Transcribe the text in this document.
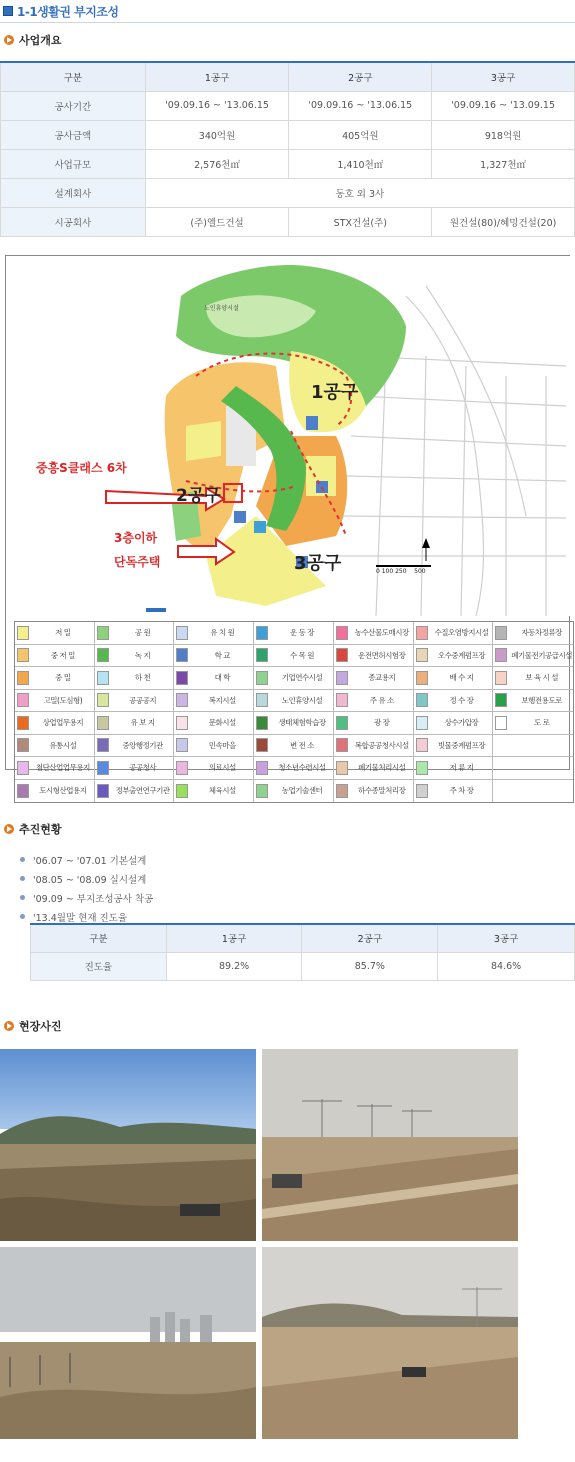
1-1생활권 부지조성
사업개요
구분	1공구	2공구	3공구
공사기간	'09.09.16 ~ '13.06.15	'09.09.16 ~ '13.06.15	'09.09.16 ~ '13.09.15
공사금액	340억원	405억원	918억원
사업규모	2,576천㎡	1,410천㎡	1,327천㎡
설계회사	동호 외 3사		
시공회사	(주)엘드건설	STX건설(주)	원건설(80)/혜밍건설(20)
1공구
2공구
3공구
중흥S클래스 6차
3층이하
단독주택
노인휴양시설
0 100 250    500
저 밀	공 원	유 치 원	운 동 장	농수산물도매시장	수질오염방지시설	자동차정류장
중 저 밀	녹 지	학 교	수 목 원	운전면허시험장	오수중계펌프장	폐기물전기공급시설
중 밀	하 천	대 학	기업연수시설	종교용지	배 수 지	보 육 시 설
고밀(도심형)	공공공지	복지시설	노인휴양시설	주 유 소	정 수 장	보행전용도로
상업업무용지	유 보 지	문화시설	생태체험학습장	광 장	상수가압장	도 로
유통시설	중앙행정기관	민속마을	변 전 소	복합공공청사시설	빗물중계펌프장
첨단산업업무용지	공공청사	의료시설	청소년수련시설	폐기물처리시설	저 류 지
도시형산업용지	정부출연연구기관	체육시설	농업기술센터	하수종말처리장	주 차 장
추진현황
'06.07 ~ '07.01 기본설계
'08.05 ~ '08.09 실시설계
'09.09 ~ 부지조성공사 착공
'13.4월말 현재 진도율
구분	1공구	2공구	3공구
진도율	89.2%	85.7%	84.6%
현장사진
